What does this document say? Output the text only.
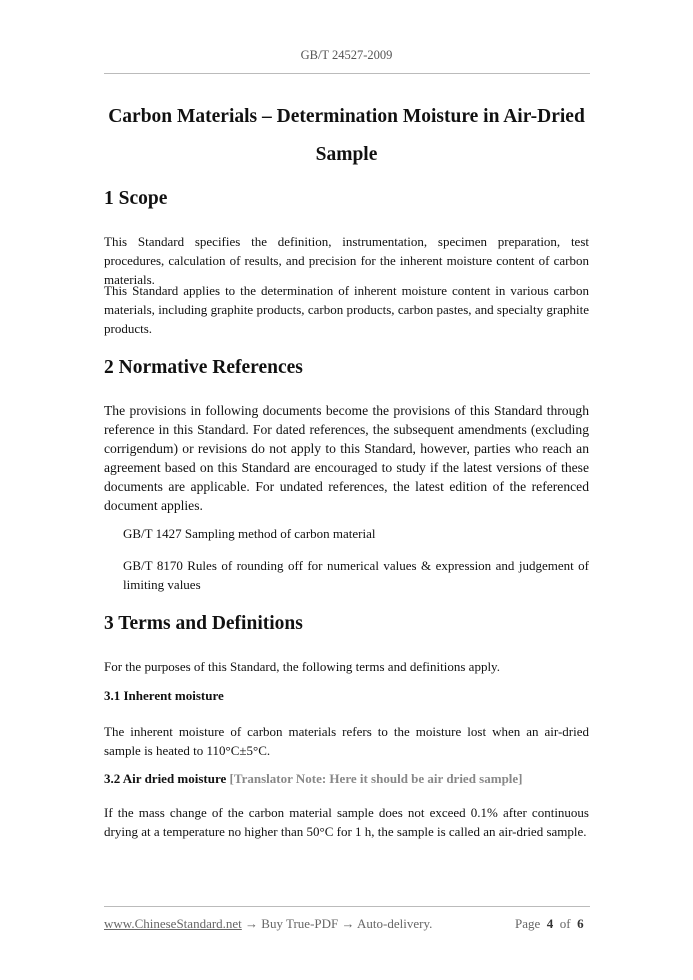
GB/T 24527-2009
Carbon Materials – Determination Moisture in Air-Dried
Sample
1 Scope
This Standard specifies the definition, instrumentation, specimen preparation, test procedures, calculation of results, and precision for the inherent moisture content of carbon materials.
This Standard applies to the determination of inherent moisture content in various carbon materials, including graphite products, carbon products, carbon pastes, and specialty graphite products.
2 Normative References
The provisions in following documents become the provisions of this Standard through reference in this Standard. For dated references, the subsequent amendments (excluding corrigendum) or revisions do not apply to this Standard, however, parties who reach an agreement based on this Standard are encouraged to study if the latest versions of these documents are applicable. For undated references, the latest edition of the referenced document applies.
GB/T 1427 Sampling method of carbon material
GB/T 8170 Rules of rounding off for numerical values & expression and judgement of limiting values
3 Terms and Definitions
For the purposes of this Standard, the following terms and definitions apply.
3.1 Inherent moisture
The inherent moisture of carbon materials refers to the moisture lost when an air-dried sample is heated to 110°C±5°C.
3.2 Air dried moisture [Translator Note: Here it should be air dried sample]
If the mass change of the carbon material sample does not exceed 0.1% after continuous drying at a temperature no higher than 50°C for 1 h, the sample is called an air-dried sample.
www.ChineseStandard.net → Buy True-PDF → Auto-delivery.	Page 4 of 6
